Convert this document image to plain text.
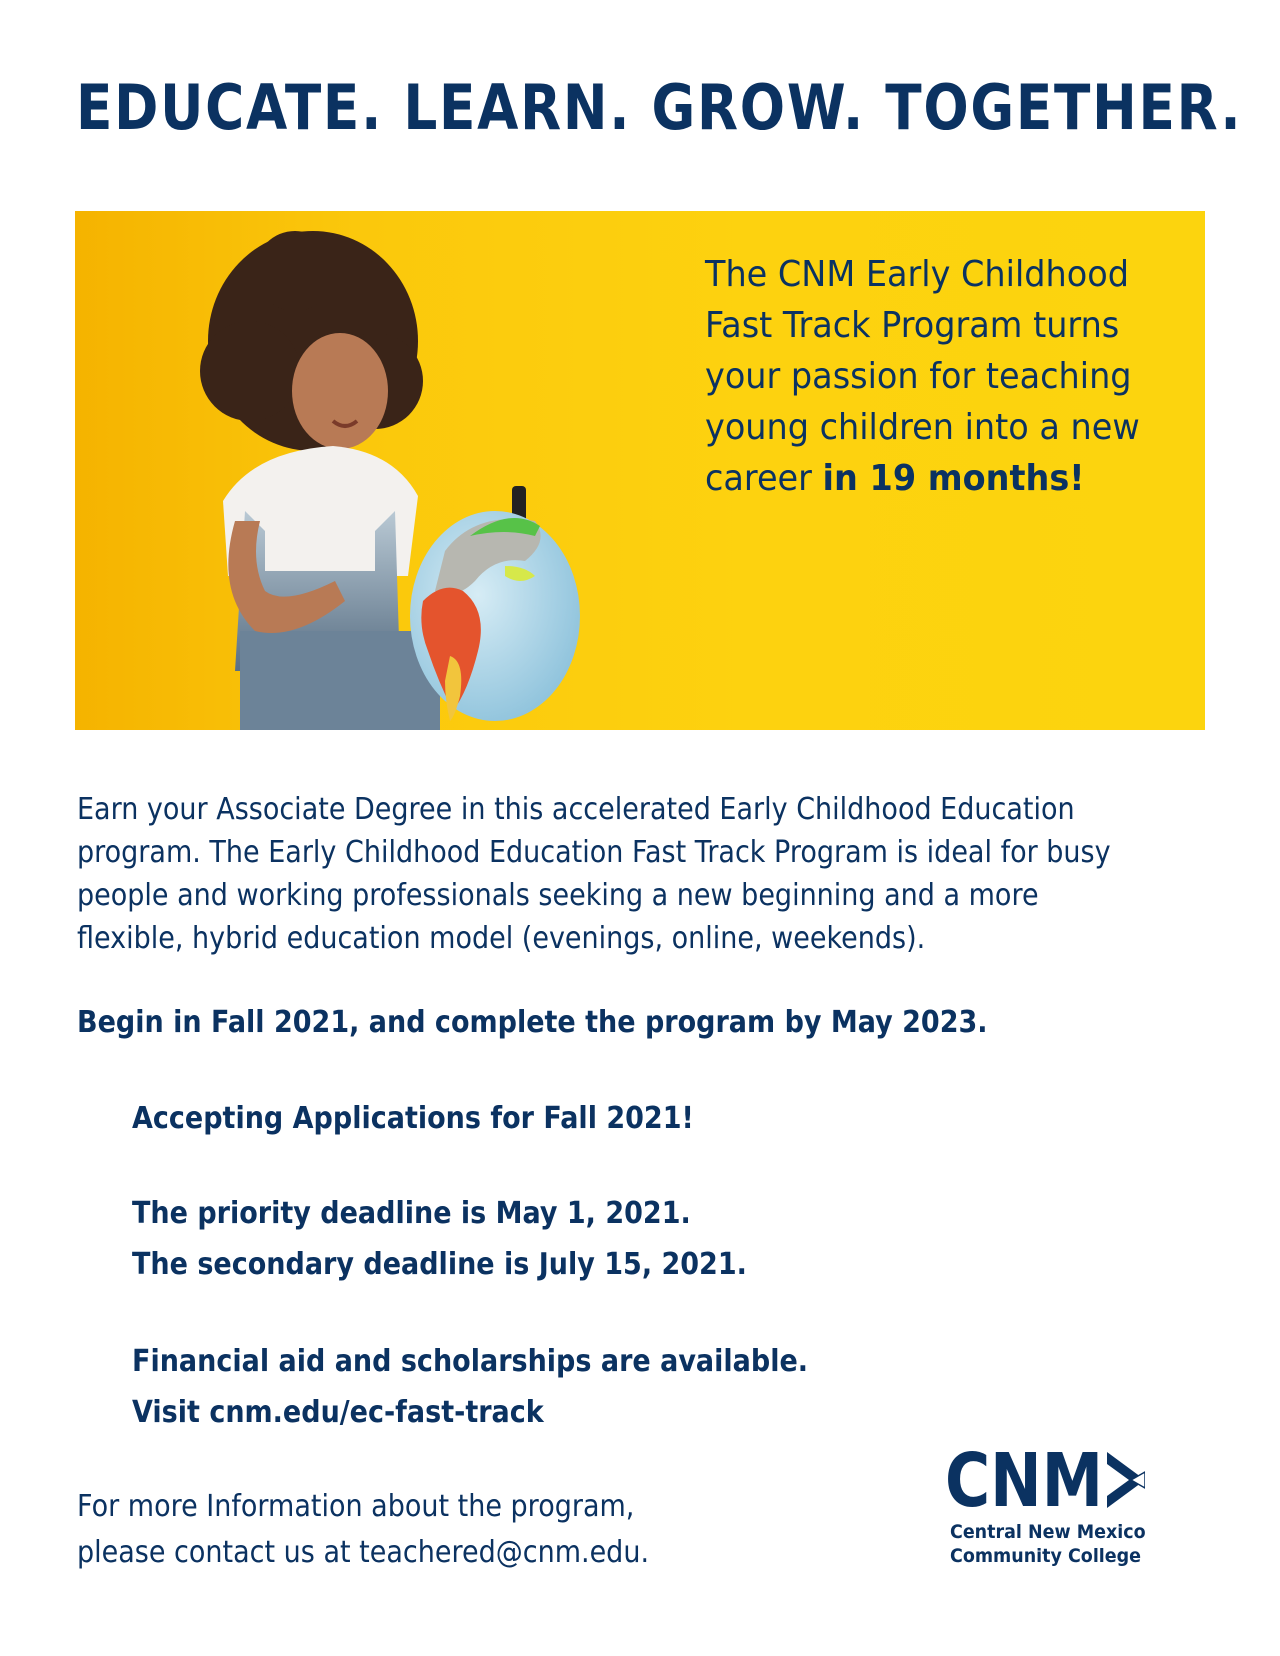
EDUCATE. LEARN. GROW. TOGETHER.
The CNM Early Childhood
Fast Track Program turns
your passion for teaching
young children into a new
career in 19 months!
Earn your Associate Degree in this accelerated Early Childhood Education
program. The Early Childhood Education Fast Track Program is ideal for busy
people and working professionals seeking a new beginning and a more
flexible, hybrid education model (evenings, online, weekends).

Begin in Fall 2021, and complete the program by May 2023.

Accepting Applications for Fall 2021!

The priority deadline is May 1, 2021.
The secondary deadline is July 15, 2021.
Financial aid and scholarships are available.
Visit cnm.edu/ec-fast-track
For more Information about the program,
please contact us at teachered@cnm.edu.
CNM
Central New Mexico
Community College
